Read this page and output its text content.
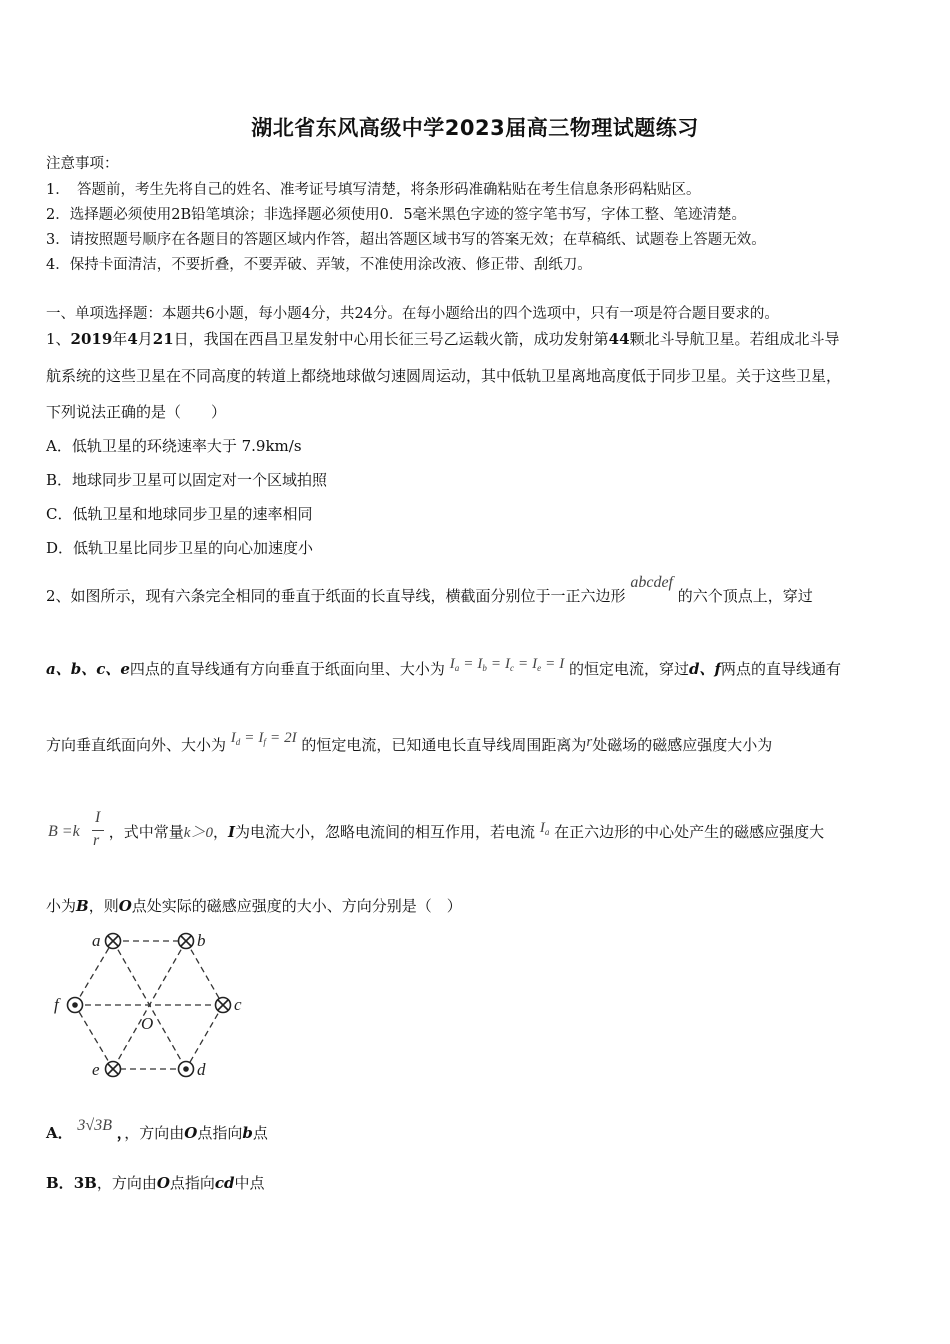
湖北省东风高级中学2023届高三物理试题练习
注意事项：
1．　答题前，考生先将自己的姓名、准考证号填写清楚，将条形码准确粘贴在考生信息条形码粘贴区。
2．选择题必须使用2B铅笔填涂；非选择题必须使用0．5毫米黑色字迹的签字笔书写，字体工整、笔迹清楚。
3．请按照题号顺序在各题目的答题区域内作答，超出答题区域书写的答案无效；在草稿纸、试题卷上答题无效。
4．保持卡面清洁，不要折叠，不要弄破、弄皱，不准使用涂改液、修正带、刮纸刀。
一、单项选择题：本题共6小题，每小题4分，共24分。在每小题给出的四个选项中，只有一项是符合题目要求的。
1、2019年4月21日，我国在西昌卫星发射中心用长征三号乙运载火箭，成功发射第44颗北斗导航卫星。若组成北斗导
航系统的这些卫星在不同高度的转道上都绕地球做匀速圆周运动，其中低轨卫星离地高度低于同步卫星。关于这些卫星，
下列说法正确的是（　　）
A．低轨卫星的环绕速率大于 7.9km/s
B．地球同步卫星可以固定对一个区域拍照
C．低轨卫星和地球同步卫星的速率相同
D．低轨卫星比同步卫星的向心加速度小
2、如图所示，现有六条完全相同的垂直于纸面的长直导线，横截面分别位于一正六边形 abcdef 的六个顶点上，穿过
a、b、c、e四点的直导线通有方向垂直于纸面向里、大小为 $I_a = I_b = I_c = I_e = I$ 的恒定电流，穿过d、f两点的直导线通有
方向垂直纸面向外、大小为 $I_d = I_f = 2I$ 的恒定电流，已知通电长直导线周围距离为r处磁场的磁感应强度大小为
B =k
I
r ，式中常量k＞0，I为电流大小，忽略电流间的相互作用，若电流 $I_a$ 在正六边形的中心处产生的磁感应强度大
小为B，则O点处实际的磁感应强度的大小、方向分别是（　）
a	b
c
d
e
f
O
A． 3√3B ，，方向由O点指向b点
B．3B，方向由O点指向cd中点
